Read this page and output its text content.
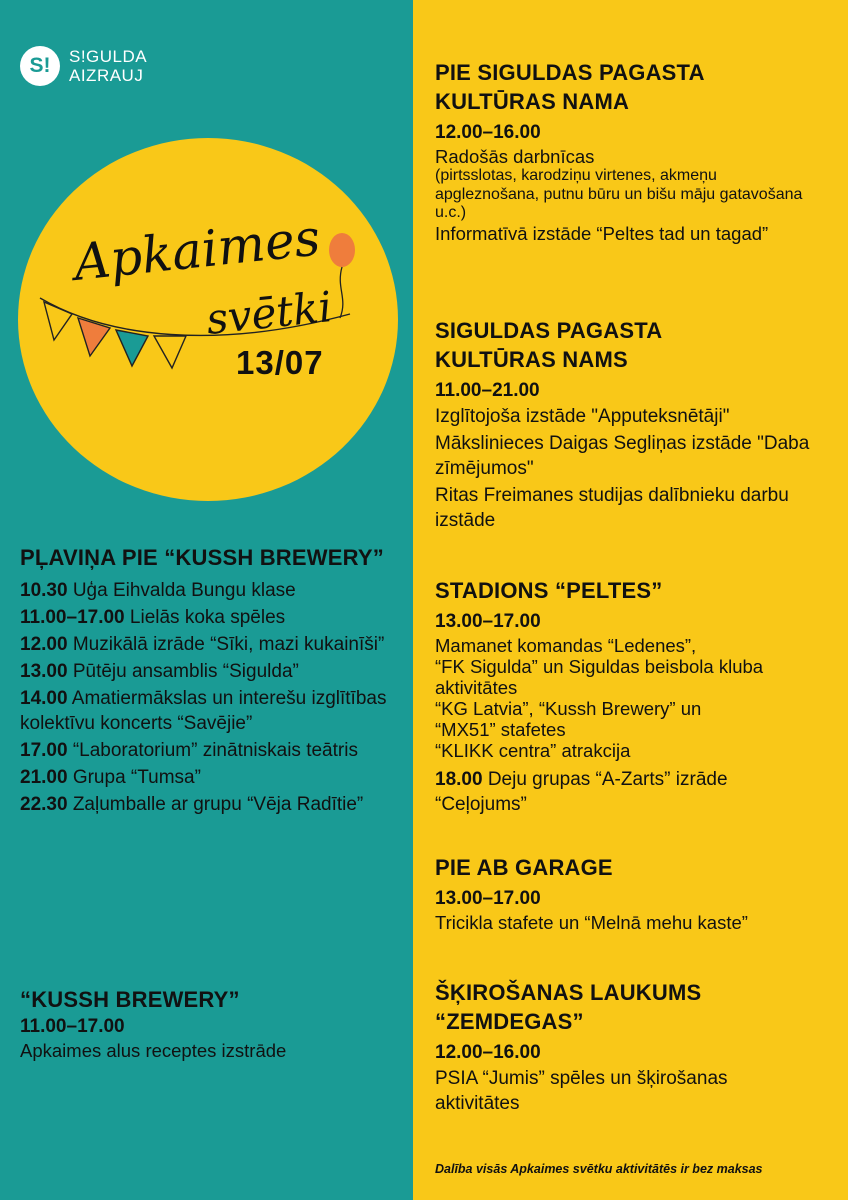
S!	S!GULDA
AIZRAUJ
Apkaimes
svētki
13/07
PĻAVIŅA PIE “KUSSH BREWERY”
10.30 Uģa Eihvalda Bungu klase
11.00–17.00 Lielās koka spēles
12.00 Muzikālā izrāde “Sīki, mazi kukainīši”
13.00 Pūtēju ansamblis “Sigulda”
14.00 Amatiermākslas un interešu izglītības kolektīvu koncerts “Savējie”
17.00 “Laboratorium” zinātniskais teātris
21.00 Grupa “Tumsa”
22.30 Zaļumballe ar grupu “Vēja Radītie”
“KUSSH BREWERY”
11.00–17.00
Apkaimes alus receptes izstrāde
PIE SIGULDAS PAGASTA
KULTŪRAS NAMA
12.00–16.00
Radošās darbnīcas
(pirtsslotas, karodziņu virtenes, akmeņu apgleznošana, putnu būru un bišu māju gatavošana u.c.)
Informatīvā izstāde “Peltes tad un tagad”
SIGULDAS PAGASTA
KULTŪRAS NAMS
11.00–21.00
Izglītojoša izstāde "Apputeksnētāji"
Mākslinieces Daigas Segliņas izstāde "Daba zīmējumos"
Ritas Freimanes studijas dalībnieku darbu izstāde
STADIONS “PELTES”
13.00–17.00
Mamanet komandas “Ledenes”,
“FK Sigulda” un Siguldas beisbola kluba aktivitātes
“KG Latvia”, “Kussh Brewery” un “MX51” stafetes
“KLIKK centra” atrakcija
18.00 Deju grupas “A-Zarts” izrāde “Ceļojums”
PIE AB GARAGE
13.00–17.00
Tricikla stafete un “Melnā mehu kaste”
ŠĶIROŠANAS LAUKUMS
“ZEMDEGAS”
12.00–16.00
PSIA “Jumis” spēles un šķirošanas aktivitātes
Dalība visās Apkaimes svētku aktivitātēs ir bez maksas
